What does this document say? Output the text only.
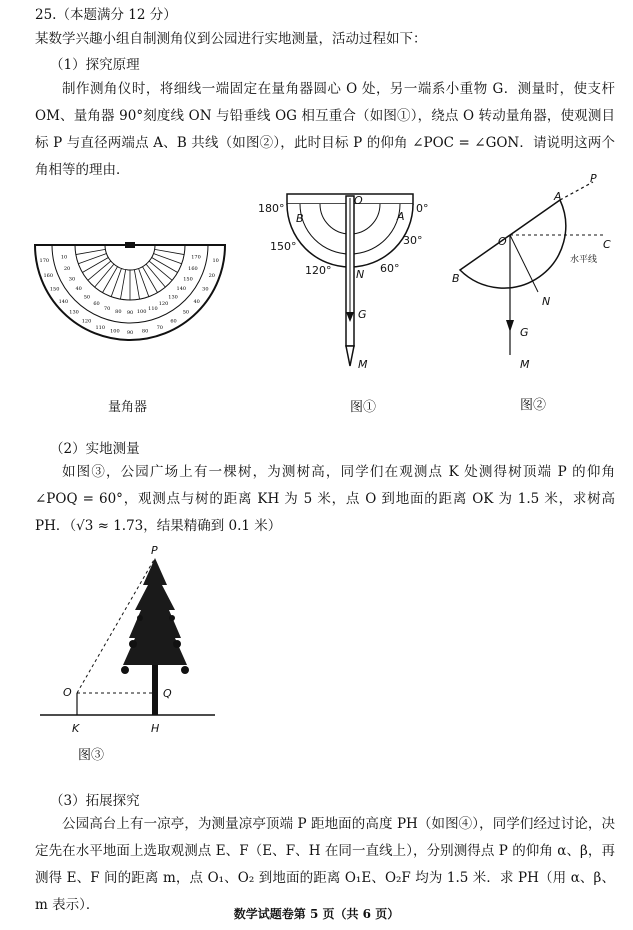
25.（本题满分 12 分）
某数学兴趣小组自制测角仪到公园进行实地测量，活动过程如下：
（1）探究原理
制作测角仪时，将细线一端固定在量角器圆心 O 处，另一端系小重物 G．测量时，使支杆 OM、量角器 90°刻度线 ON 与铅垂线 OG 相互重合（如图①），绕点 O 转动量角器，使观测目标 P 与直径两端点 A、B 共线（如图②），此时目标 P 的仰角 ∠POC = ∠GON．请说明这两个角相等的理由．
10
20
30
40
50
60
70
80
90
100
110
120
130
140
150
160
170
170
160
150
140
130
120
110
100
90
80
70
60
50
40
30
20
10
量角器
180°	0°
150°	30°
120°	60°
O
B	A
N
G
M
图①
P
A
O	C
水平线
B
N
G
M
图②
（2）实地测量
如图③，公园广场上有一棵树，为测树高，同学们在观测点 K 处测得树顶端 P 的仰角 ∠POQ = 60°，观测点与树的距离 KH 为 5 米，点 O 到地面的距离 OK 为 1.5 米，求树高 PH．（√3 ≈ 1.73，结果精确到 0.1 米）
P
O	Q
K	H
图③
（3）拓展探究
公园高台上有一凉亭，为测量凉亭顶端 P 距地面的高度 PH（如图④），同学们经过讨论，决定先在水平地面上选取观测点 E、F（E、F、H 在同一直线上），分别测得点 P 的仰角 α、β，再测得 E、F 间的距离 m，点 O₁、O₂ 到地面的距离 O₁E、O₂F 均为 1.5 米．求 PH（用 α、β、m 表示）．
数学试题卷第 5 页（共 6 页）
